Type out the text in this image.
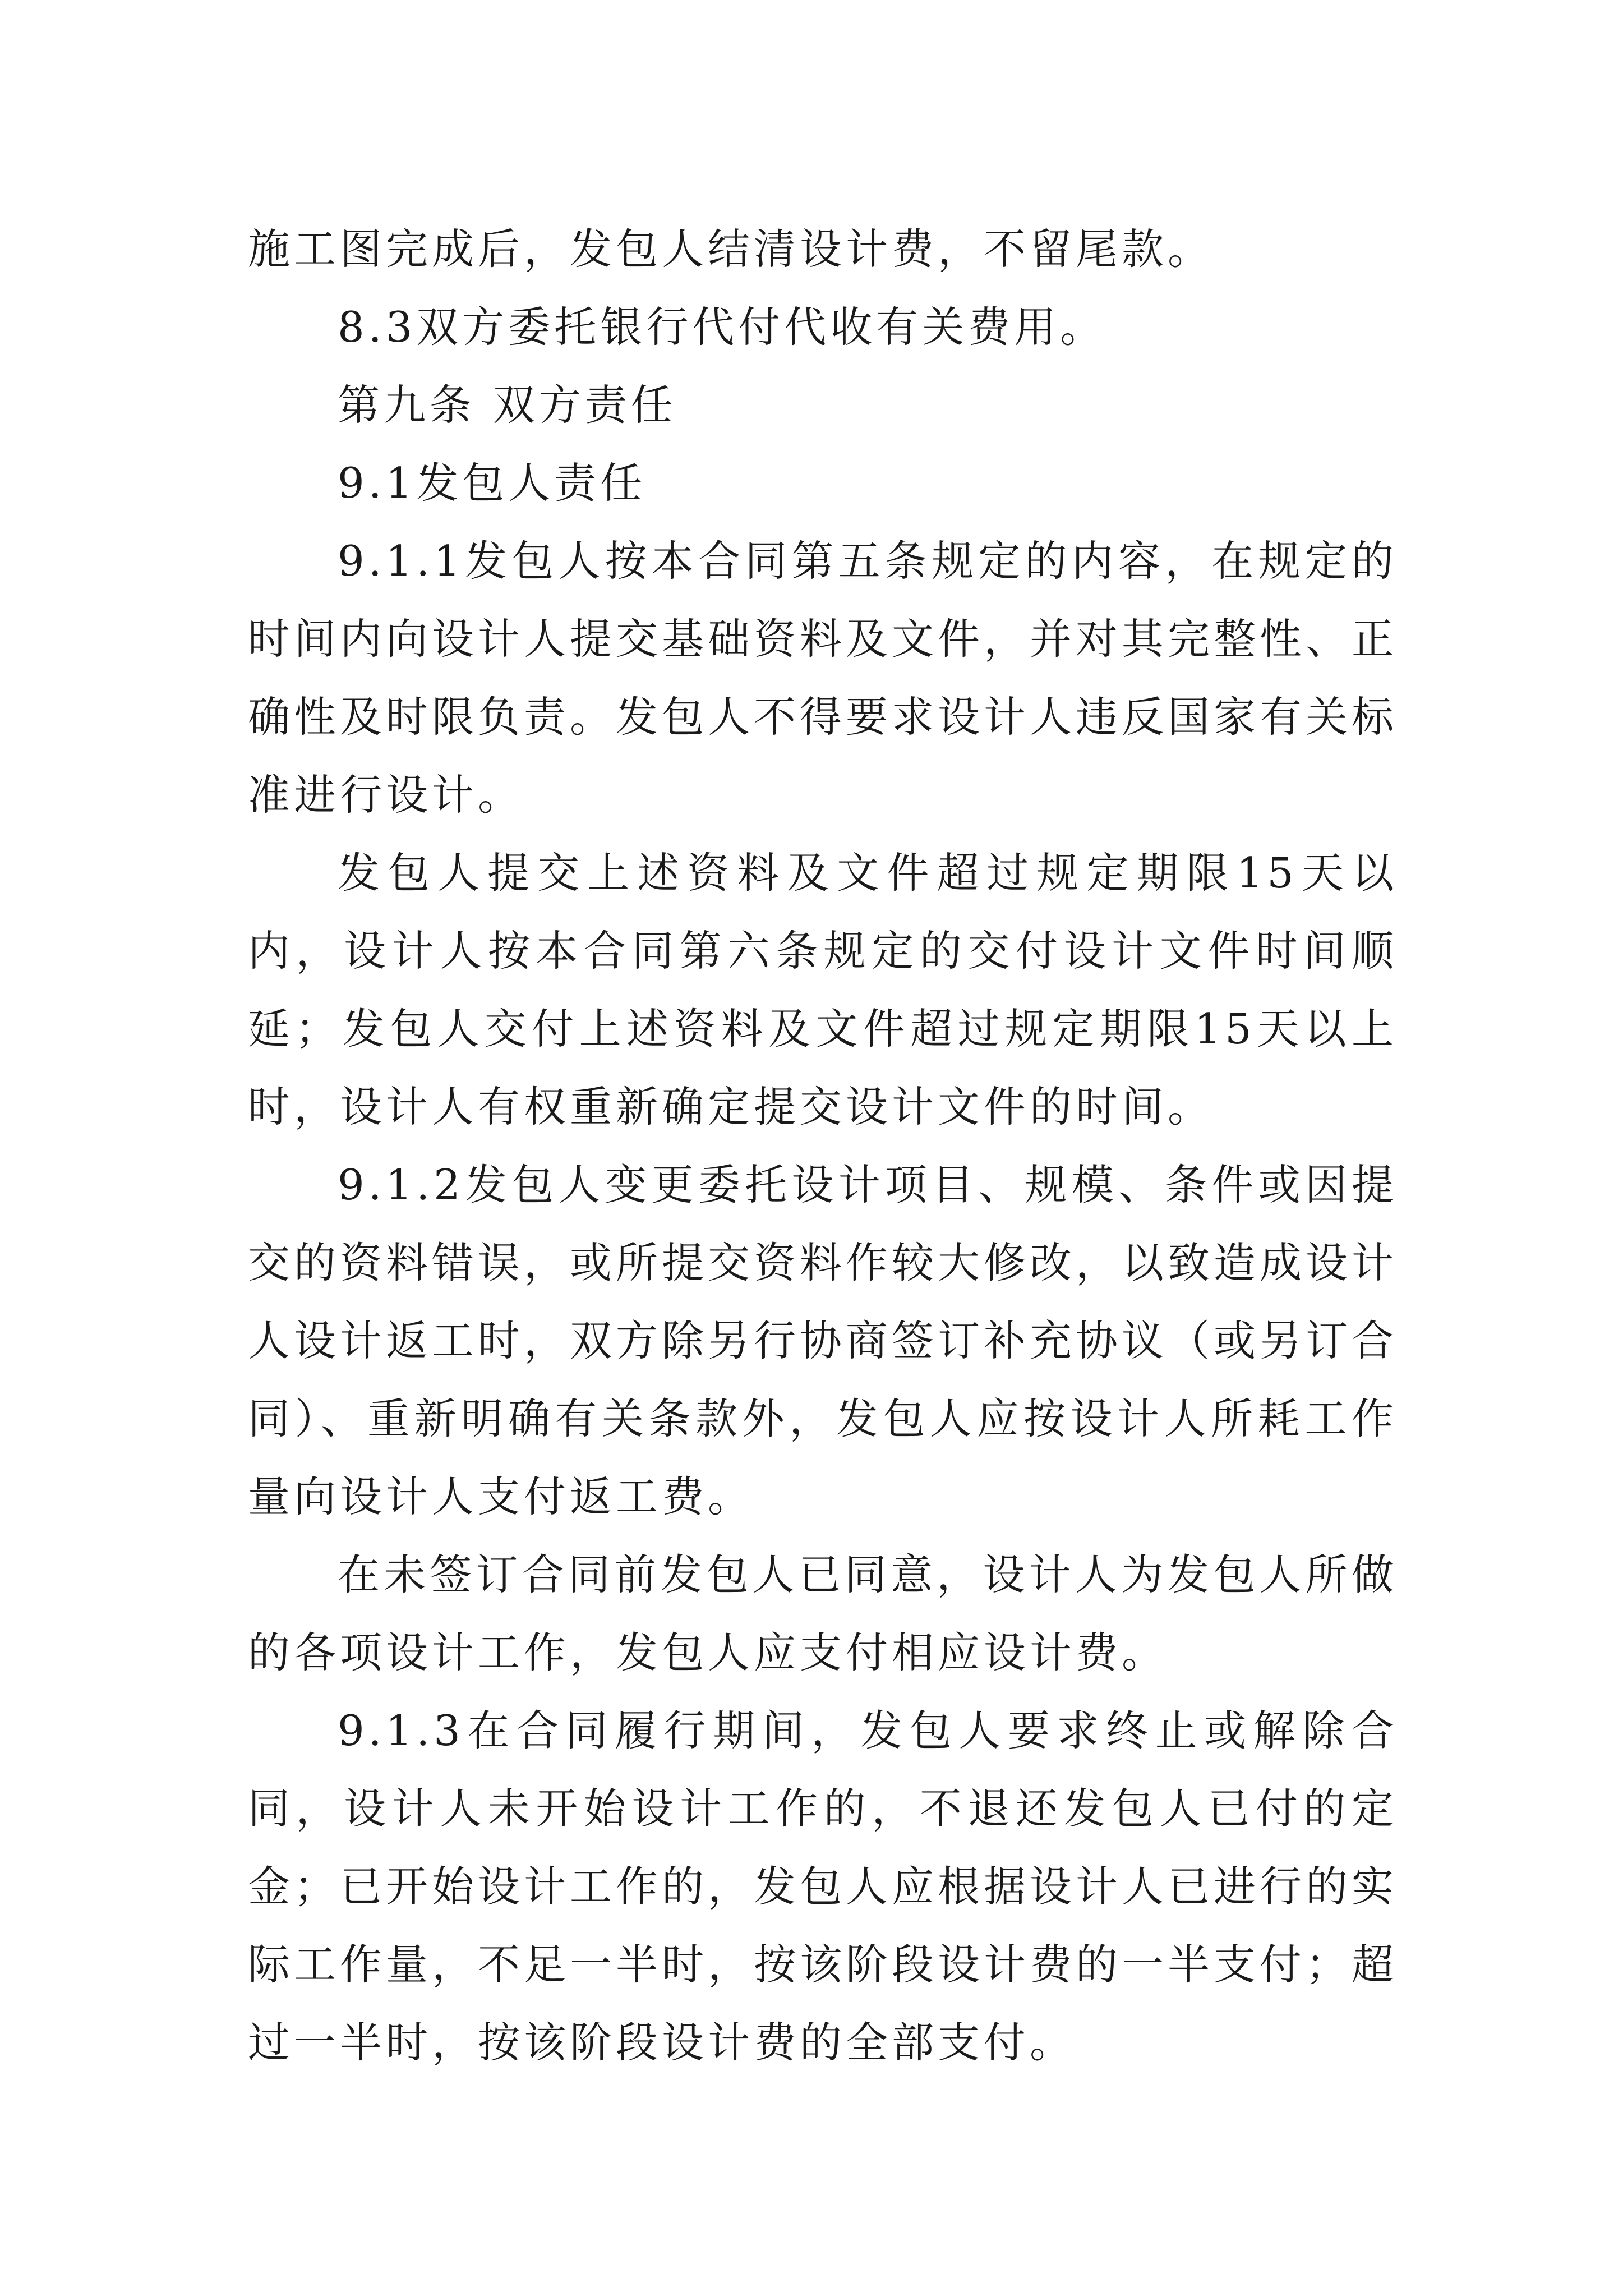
施工图完成后，发包人结清设计费，不留尾款。

8.3双方委托银行代付代收有关费用。

第九条 双方责任

9.1发包人责任

9.1.1发包人按本合同第五条规定的内容，在规定的时间内向设计人提交基础资料及文件，并对其完整性、正确性及时限负责。发包人不得要求设计人违反国家有关标准进行设计。

发包人提交上述资料及文件超过规定期限15天以内，设计人按本合同第六条规定的交付设计文件时间顺延；发包人交付上述资料及文件超过规定期限15天以上时，设计人有权重新确定提交设计文件的时间。

9.1.2发包人变更委托设计项目、规模、条件或因提交的资料错误，或所提交资料作较大修改，以致造成设计人设计返工时，双方除另行协商签订补充协议（或另订合同）、重新明确有关条款外，发包人应按设计人所耗工作量向设计人支付返工费。

在未签订合同前发包人已同意，设计人为发包人所做的各项设计工作，发包人应支付相应设计费。

9.1.3在合同履行期间，发包人要求终止或解除合同，设计人未开始设计工作的，不退还发包人已付的定金；已开始设计工作的，发包人应根据设计人已进行的实际工作量，不足一半时，按该阶段设计费的一半支付；超过一半时，按该阶段设计费的全部支付。
